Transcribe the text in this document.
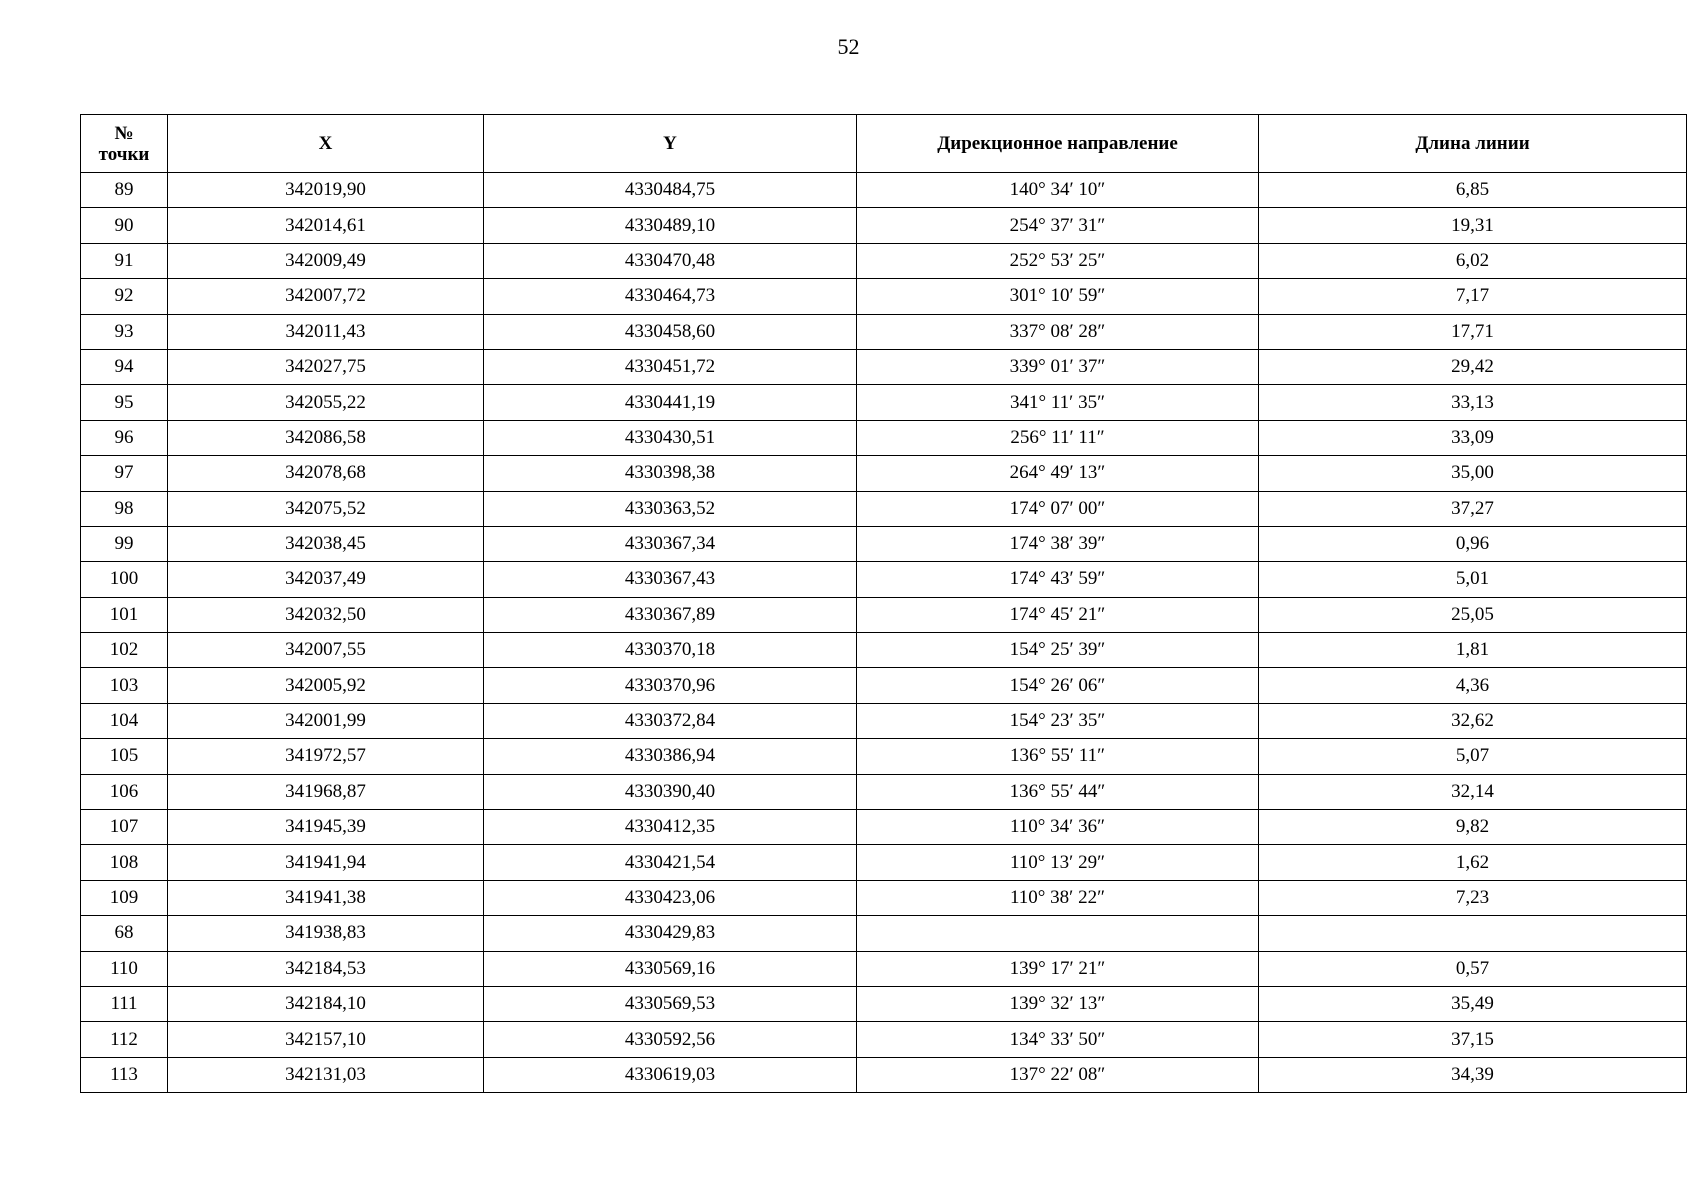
52
№
точки	X	Y	Дирекционное направление	Длина линии
89	342019,90	4330484,75	140° 34′ 10″	6,85
90	342014,61	4330489,10	254° 37′ 31″	19,31
91	342009,49	4330470,48	252° 53′ 25″	6,02
92	342007,72	4330464,73	301° 10′ 59″	7,17
93	342011,43	4330458,60	337° 08′ 28″	17,71
94	342027,75	4330451,72	339° 01′ 37″	29,42
95	342055,22	4330441,19	341° 11′ 35″	33,13
96	342086,58	4330430,51	256° 11′ 11″	33,09
97	342078,68	4330398,38	264° 49′ 13″	35,00
98	342075,52	4330363,52	174° 07′ 00″	37,27
99	342038,45	4330367,34	174° 38′ 39″	0,96
100	342037,49	4330367,43	174° 43′ 59″	5,01
101	342032,50	4330367,89	174° 45′ 21″	25,05
102	342007,55	4330370,18	154° 25′ 39″	1,81
103	342005,92	4330370,96	154° 26′ 06″	4,36
104	342001,99	4330372,84	154° 23′ 35″	32,62
105	341972,57	4330386,94	136° 55′ 11″	5,07
106	341968,87	4330390,40	136° 55′ 44″	32,14
107	341945,39	4330412,35	110° 34′ 36″	9,82
108	341941,94	4330421,54	110° 13′ 29″	1,62
109	341941,38	4330423,06	110° 38′ 22″	7,23
68	341938,83	4330429,83		
110	342184,53	4330569,16	139° 17′ 21″	0,57
111	342184,10	4330569,53	139° 32′ 13″	35,49
112	342157,10	4330592,56	134° 33′ 50″	37,15
113	342131,03	4330619,03	137° 22′ 08″	34,39
